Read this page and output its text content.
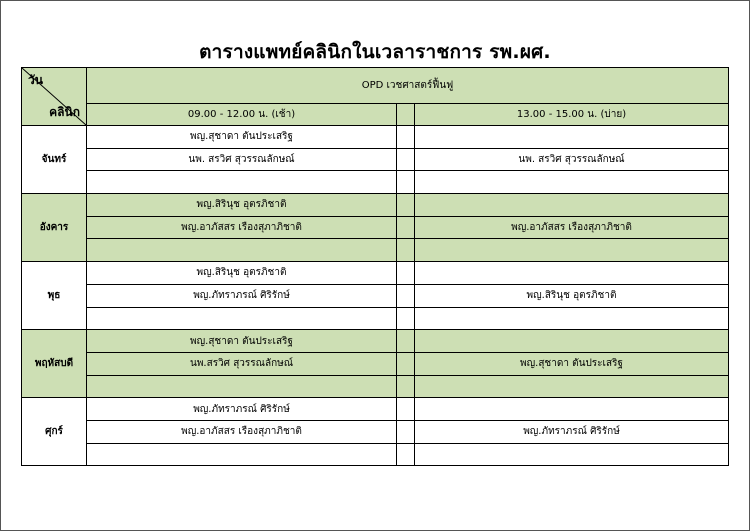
ตารางแพทย์คลินิกในเวลาราชการ รพ.ผศ.
วัน
คลินิก	OPD เวชศาสตร์ฟื้นฟู		
	09.00 - 12.00 น. (เช้า)		13.00 - 15.00 น. (บ่าย)
จันทร์	พญ.สุชาดา ตันประเสริฐ		
	นพ. สรวิศ สุวรรณลักษณ์		นพ. สรวิศ สุวรรณลักษณ์

อังคาร	พญ.สิรินุช อุตรภิชาติ		
	พญ.อาภัสสร เรืองสุภาภิชาติ		พญ.อาภัสสร เรืองสุภาภิชาติ

พุธ	พญ.สิรินุช อุตรภิชาติ		
	พญ.ภัทราภรณ์ ศิริรักษ์		พญ.สิรินุช อุตรภิชาติ

พฤหัสบดี	พญ.สุชาดา ตันประเสริฐ		
	นพ.สรวิศ สุวรรณลักษณ์		พญ.สุชาดา ตันประเสริฐ

ศุกร์	พญ.ภัทราภรณ์ ศิริรักษ์		
	พญ.อาภัสสร เรืองสุภาภิชาติ		พญ.ภัทราภรณ์ ศิริรักษ์
